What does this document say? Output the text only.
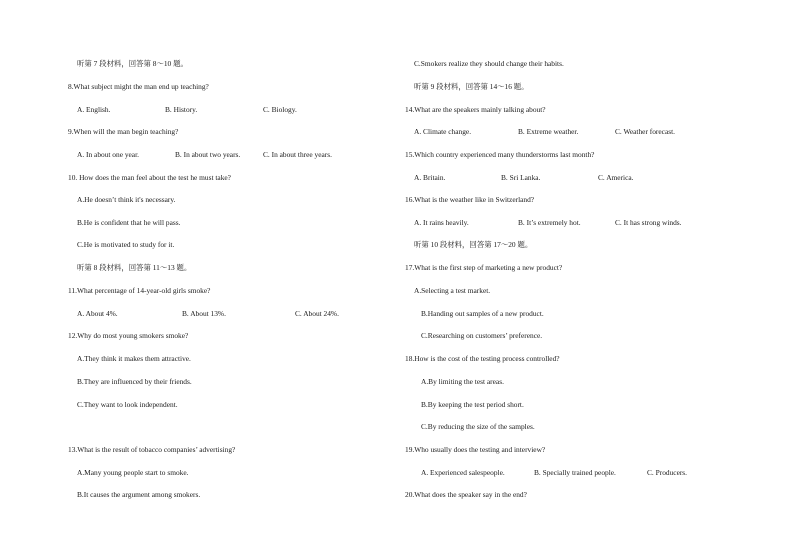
听第 7 段材料，回答第 8～10 题。
8.What subject might the man end up teaching?
A. English.	B. History.	C. Biology.
9.When will the man begin teaching?
A. In about one year.	B. In about two years.	C. In about three years.
10. How does the man feel about the test he must take?
A.He doesn’t think it's necessary.
B.He is confident that he will pass.
C.He is motivated to study for it.
听第 8 段材料，回答第 11～13 题。
11.What percentage of 14-year-old girls smoke?
A. About 4%.	B. About 13%.	C. About 24%.
12.Why do most young smokers smoke?
A.They think it makes them attractive.
B.They are influenced by their friends.
C.They want to look independent.
13.What is the result of tobacco companies’ advertising?
A.Many young people start to smoke.
B.It causes the argument among smokers.
C.Smokers realize they should change their habits.
听第 9 段材料，回答第 14～16 题。
14.What are the speakers mainly talking about?
A. Climate change.	B. Extreme weather.	C. Weather forecast.
15.Which country experienced many thunderstorms last month?
A. Britain.	B. Sri Lanka.	C. America.
16.What is the weather like in Switzerland?
A. It rains heavily.	B. It’s extremely hot.	C. It has strong winds.
听第 10 段材料，回答第 17～20 题。
17.What is the first step of marketing a new product?
A.Selecting a test market.
B.Handing out samples of a new product.
C.Researching on customers’ preference.
18.How is the cost of the testing process controlled?
A.By limiting the test areas.
B.By keeping the test period short.
C.By reducing the size of the samples.
19.Who usually does the testing and interview?
A. Experienced salespeople.	B. Specially trained people.	C. Producers.
20.What does the speaker say in the end?
